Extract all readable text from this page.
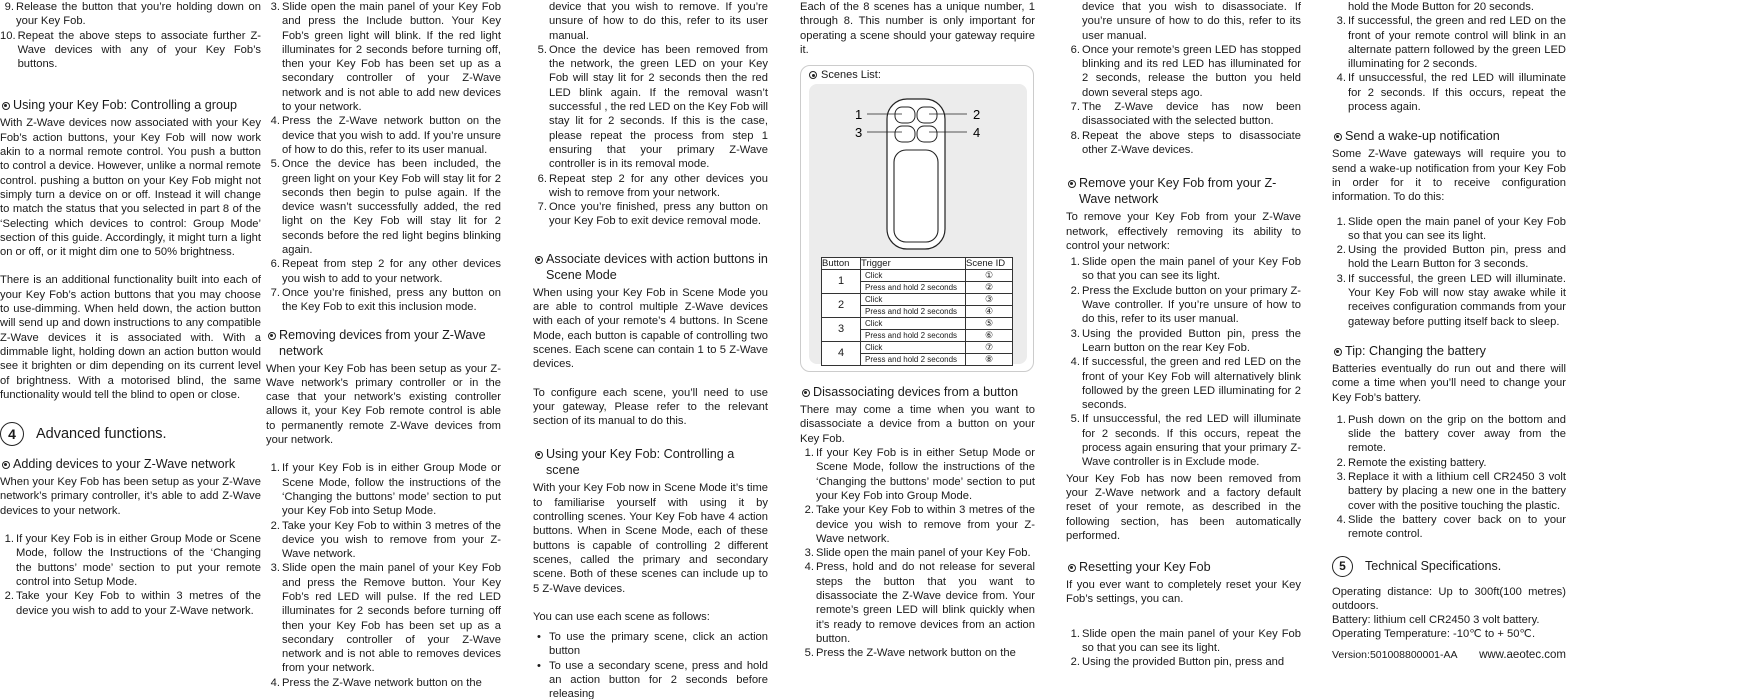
9. Release the button that you’re holding down on your Key Fob.
10. Repeat the above steps to associate further Z-Wave devices with any of your Key Fob’s buttons.
Using your Key Fob: Controlling a group

With Z-Wave devices now associated with your Key Fob’s action buttons, your Key Fob will now work akin to a normal remote control. You push a button to control a device. However, unlike a normal remote control. pushing a button on your Key Fob might not simply turn a device on or off. Instead it will change to match the status that you selected in part 8 of the ‘Selecting which devices to control: Group Mode’ section of this guide. Accordingly, it might turn a light on or off, or it might dim one to 50% brightness.

There is an additional functionality built into each of your Key Fob’s action buttons that you may choose to use-dimming. When held down, the action button will send up and down instructions to any compatible Z-Wave devices it is associated with. With a dimmable light, holding down an action button would see it brighten or dim depending on its current level of brightness. With a motorised blind, the same functionality would tell the blind to open or close.

4	Advanced functions.
Adding devices to your Z-Wave network

When your Key Fob has been setup as your Z-Wave network’s primary controller, it’s able to add Z-Wave devices to your network.

1. If your Key Fob is in either Group Mode or Scene Mode, follow the Instructions of the ‘Changing the buttons’ mode’ section to put your remote control into Setup Mode.
2. Take your Key Fob to within 3 metres of the device you wish to add to your Z-Wave network.
3. Slide open the main panel of your Key Fob and press the Include button. Your Key Fob’s green light will blink. If the red light illuminates for 2 seconds before turning off, then your Key Fob has been set up as a secondary controller of your Z-Wave network and is not able to add new devices to your network.
4. Press the Z-Wave network button on the device that you wish to add. If you’re unsure of how to do this, refer to its user manual.
5. Once the device has been included, the green light on your Key Fob will stay lit for 2 seconds then begin to pulse again. If the device wasn’t successfully added, the red light on the Key Fob will stay lit for 2 seconds before the red light begins blinking again.
6. Repeat from step 2 for any other devices you wish to add to your network.
7. Once you’re finished, press any button on the Key Fob to exit this inclusion mode.
Removing devices from your Z-Wave network

When your Key Fob has been setup as your Z-Wave network’s primary controller or in the case that your network’s existing controller allows it, your Key Fob remote control is able to permanently remote Z-Wave devices from your network.

1. If your Key Fob is in either Group Mode or Scene Mode, follow the instructions of the ‘Changing the buttons’ mode’ section to put your Key Fob into Setup Mode.
2. Take your Key Fob to within 3 metres of the device you wish to remove from your Z-Wave network.
3. Slide open the main panel of your Key Fob and press the Remove button. Your Key Fob’s red LED will pulse. If the red LED illuminates for 2 seconds before turning off then your Key Fob has been set up as a secondary controller of your Z-Wave network and is not able to removes devices from your network.
4. Press the Z-Wave network button on the

device that you wish to remove. If you’re unsure of how to do this, refer to its user manual.

5. Once the device has been removed from the network, the green LED on your Key Fob will stay lit for 2 seconds then the red LED blink again. If the removal wasn’t successful , the red LED on the Key Fob will stay lit for 2 seconds. If this is the case, please repeat the process from step 1 ensuring that your primary Z-Wave controller is in its removal mode.
6. Repeat step 2 for any other devices you wish to remove from your network.
7. Once you’re finished, press any button on your Key Fob to exit device removal mode.
Associate devices with action buttons in Scene Mode

When using your Key Fob in Scene Mode you are able to control multiple Z-Wave devices with each of your remote’s 4 buttons. In Scene Mode, each button is capable of controlling two scenes. Each scene can contain 1 to 5 Z-Wave devices.

To configure each scene, you’ll need to use your gateway, Please refer to the relevant section of its manual to do this.

Using your Key Fob: Controlling a scene

With your Key Fob now in Scene Mode it’s time to familiarise yourself with using it by controlling scenes. Your Key Fob have 4 action buttons. When in Scene Mode, each of these buttons is capable of controlling 2 different scenes, called the primary and secondary scene. Both of these scenes can include up to 5 Z-Wave devices.

You can use each scene as follows:

• To use the primary scene, click an action button
• To use a secondary scene, press and hold an action button for 2 seconds before releasing

Each of the 8 scenes has a unique number, 1 through 8. This number is only important for operating a scene should your gateway require it.

Scenes List:
1
3
2
4
Button	Trigger	Scene ID
1	Click	①
	Press and hold 2 seconds	②
2	Click	③
	Press and hold 2 seconds	④
3	Click	⑤
	Press and hold 2 seconds	⑥
4	Click	⑦
	Press and hold 2 seconds	⑧
Disassociating devices from a button

There may come a time when you want to disassociate a device from a button on your Key Fob.

1. If your Key Fob is in either Setup Mode or Scene Mode, follow the instructions of the ‘Changing the buttons’ mode’ section to put your Key Fob into Group Mode.
2. Take your Key Fob to within 3 metres of the device you wish to remove from your Z-Wave network.
3. Slide open the main panel of your Key Fob.
4. Press, hold and do not release for several steps the button that you want to disassociate the Z-Wave device from. Your remote’s green LED will blink quickly when it’s ready to remove devices from an action button.
5. Press the Z-Wave network button on the

device that you wish to disassociate. If you’re unsure of how to do this, refer to its user manual.

6. Once your remote’s green LED has stopped blinking and its red LED has illuminated for 2 seconds, release the button you held down several steps ago.
7. The Z-Wave device has now been disassociated with the selected button.
8. Repeat the above steps to disassociate other Z-Wave devices.
Remove your Key Fob from your Z-Wave network

To remove your Key Fob from your Z-Wave network, effectively removing its ability to control your network:

1. Slide open the main panel of your Key Fob so that you can see its light.
2. Press the Exclude button on your primary Z-Wave controller. If you’re unsure of how to do this, refer to its user manual.
3. Using the provided Button pin, press the Learn button on the rear Key Fob.
4. If successful, the green and red LED on the front of your Key Fob will alternatively blink followed by the green LED illuminating for 2 seconds.
5. If unsuccessful, the red LED will illuminate for 2 seconds. If this occurs, repeat the process again ensuring that your primary Z-Wave controller is in Exclude mode.

Your Key Fob has now been removed from your Z-Wave network and a factory default reset of your remote, as described in the following section, has been automatically performed.

Resetting your Key Fob

If you ever want to completely reset your Key Fob’s settings, you can.

1. Slide open the main panel of your Key Fob so that you can see its light.
2. Using the provided Button pin, press and

hold the Mode Button for 20 seconds.

3. If successful, the green and red LED on the front of your remote control will blink in an alternate pattern followed by the green LED illuminating for 2 seconds.
4. If unsuccessful, the red LED will illuminate for 2 seconds. If this occurs, repeat the process again.
Send a wake-up notification

Some Z-Wave gateways will require you to send a wake-up notification from your Key Fob in order for it to receive configuration information. To do this:

1. Slide open the main panel of your Key Fob so that you can see its light.
2. Using the provided Button pin, press and hold the Learn Button for 3 seconds.
3. If successful, the green LED will illuminate. Your Key Fob will now stay awake while it receives configuration commands from your gateway before putting itself back to sleep.
Tip: Changing the battery

Batteries eventually do run out and there will come a time when you’ll need to change your Key Fob’s battery.

1. Push down on the grip on the bottom and slide the battery cover away from the remote.
2. Remote the existing battery.
3. Replace it with a lithium cell CR2450 3 volt battery by placing a new one in the battery cover with the positive touching the plastic.
4. Slide the battery cover back on to your remote control.
5	Technical Specifications.
Operating distance: Up to 300ft(100 metres) outdoors.
Battery: lithium cell CR2450 3 volt battery.
Operating Temperature: -10℃ to + 50℃.
Version:501008800001-AA www.aeotec.com
